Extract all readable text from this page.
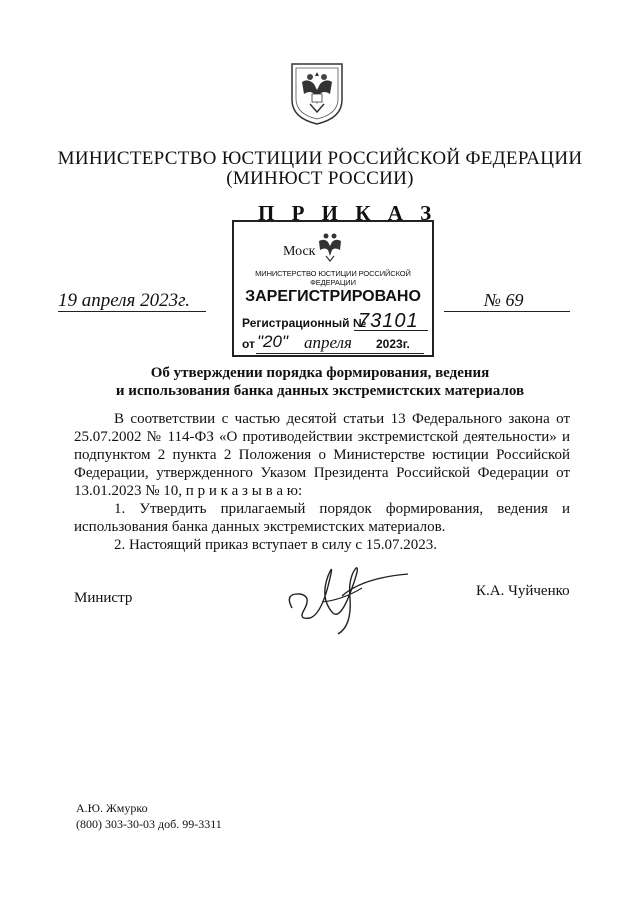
МИНИСТЕРСТВО ЮСТИЦИИ РОССИЙСКОЙ ФЕДЕРАЦИИ
(МИНЮСТ РОССИИ)
Моск
МИНИСТЕРСТВО ЮСТИЦИИ РОССИЙСКОЙ ФЕДЕРАЦИИ
ЗАРЕГИСТРИРОВАНО
Регистрационный №
73101
от "20" апреля 2023г.
П Р И К А З
19 апреля 2023г.	№ 69
Об утверждении порядка формирования, ведения
и использования банка данных экстремистских материалов
В соответствии с частью десятой статьи 13 Федерального закона от 25.07.2002 № 114-ФЗ «О противодействии экстремистской деятельности» и подпунктом 2 пункта 2 Положения о Министерстве юстиции Российской Федерации, утвержденного Указом Президента Российской Федерации от 13.01.2023 № 10, п р и к а з ы в а ю:
1. Утвердить прилагаемый порядок формирования, ведения и использования банка данных экстремистских материалов.
2. Настоящий приказ вступает в силу с 15.07.2023.
Министр	К.А. Чуйченко
А.Ю. Жмурко
(800) 303-30-03 доб. 99-3311
